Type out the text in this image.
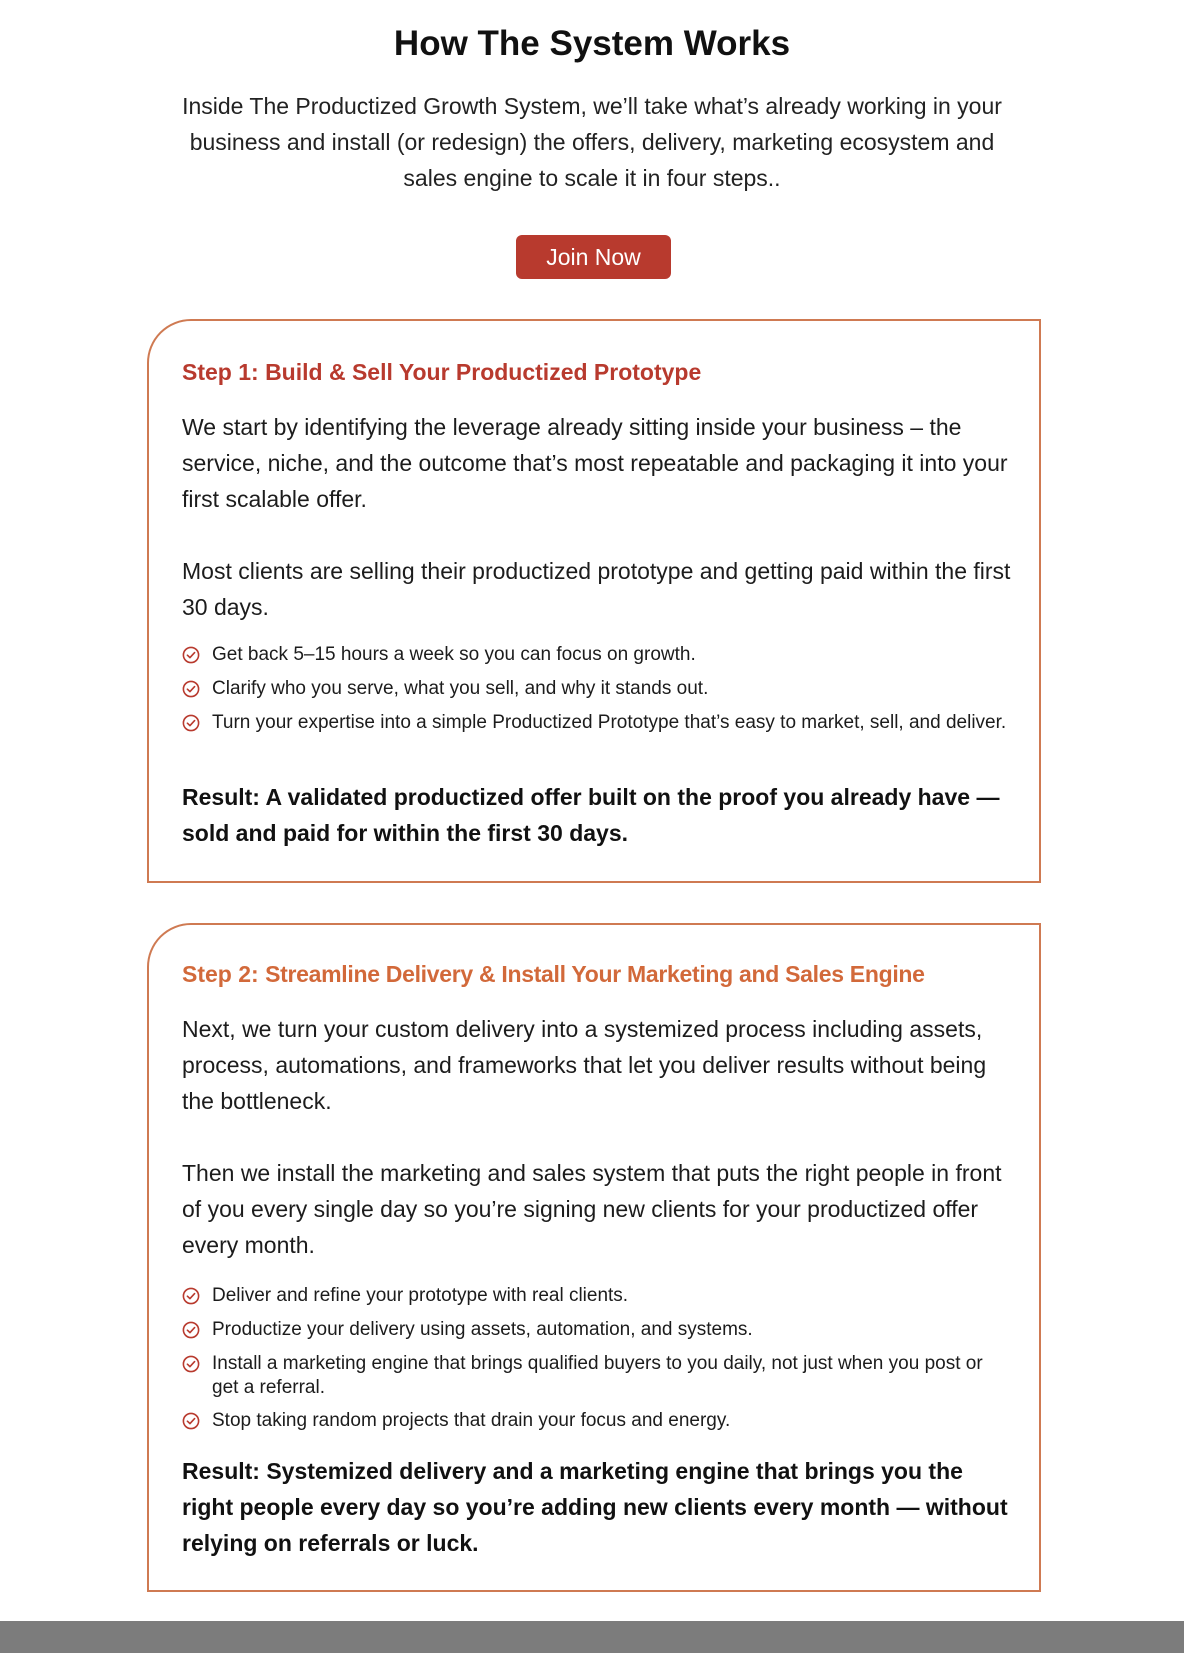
How The System Works

Inside The Productized Growth System, we’ll take what’s already working in your business and install (or redesign) the offers, delivery, marketing ecosystem and sales engine to scale it in four steps..

Join Now
Step 1: Build & Sell Your Productized Prototype

We start by identifying the leverage already sitting inside your business – the service, niche, and the outcome that’s most repeatable and packaging it into your first scalable offer.

Most clients are selling their productized prototype and getting paid within the first 30 days.

Get back 5–15 hours a week so you can focus on growth.
Clarify who you serve, what you sell, and why it stands out.
Turn your expertise into a simple Productized Prototype that’s easy to market, sell, and deliver.

Result: A validated productized offer built on the proof you already have — sold and paid for within the first 30 days.

Step 2: Streamline Delivery & Install Your Marketing and Sales Engine

Next, we turn your custom delivery into a systemized process including assets, process, automations, and frameworks that let you deliver results without being the bottleneck.

Then we install the marketing and sales system that puts the right people in front of you every single day so you’re signing new clients for your productized offer every month.

Deliver and refine your prototype with real clients.
Productize your delivery using assets, automation, and systems.
Install a marketing engine that brings qualified buyers to you daily, not just when you post or get a referral.
Stop taking random projects that drain your focus and energy.

Result: Systemized delivery and a marketing engine that brings you the right people every day so you’re adding new clients every month — without relying on referrals or luck.
